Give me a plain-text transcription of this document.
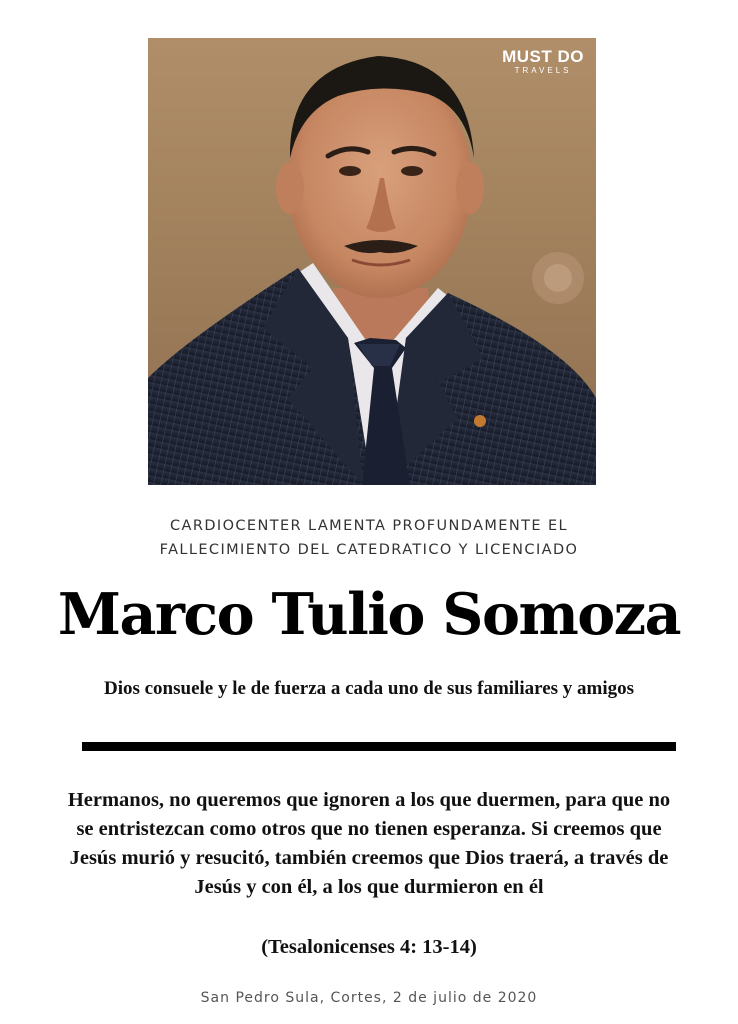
MUST DO
TRAVELS
CARDIOCENTER LAMENTA PROFUNDAMENTE EL
FALLECIMIENTO DEL CATEDRATICO Y LICENCIADO
Marco Tulio Somoza
Dios consuele y le de fuerza a cada uno de sus familiares y amigos
Hermanos, no queremos que ignoren a los que duermen, para que no se entristezcan como otros que no tienen esperanza. Si creemos que Jesús murió y resucitó, también creemos que Dios traerá, a través de Jesús y con él, a los que durmieron en él
(Tesalonicenses 4: 13-14)
San Pedro Sula, Cortes, 2 de julio de 2020
